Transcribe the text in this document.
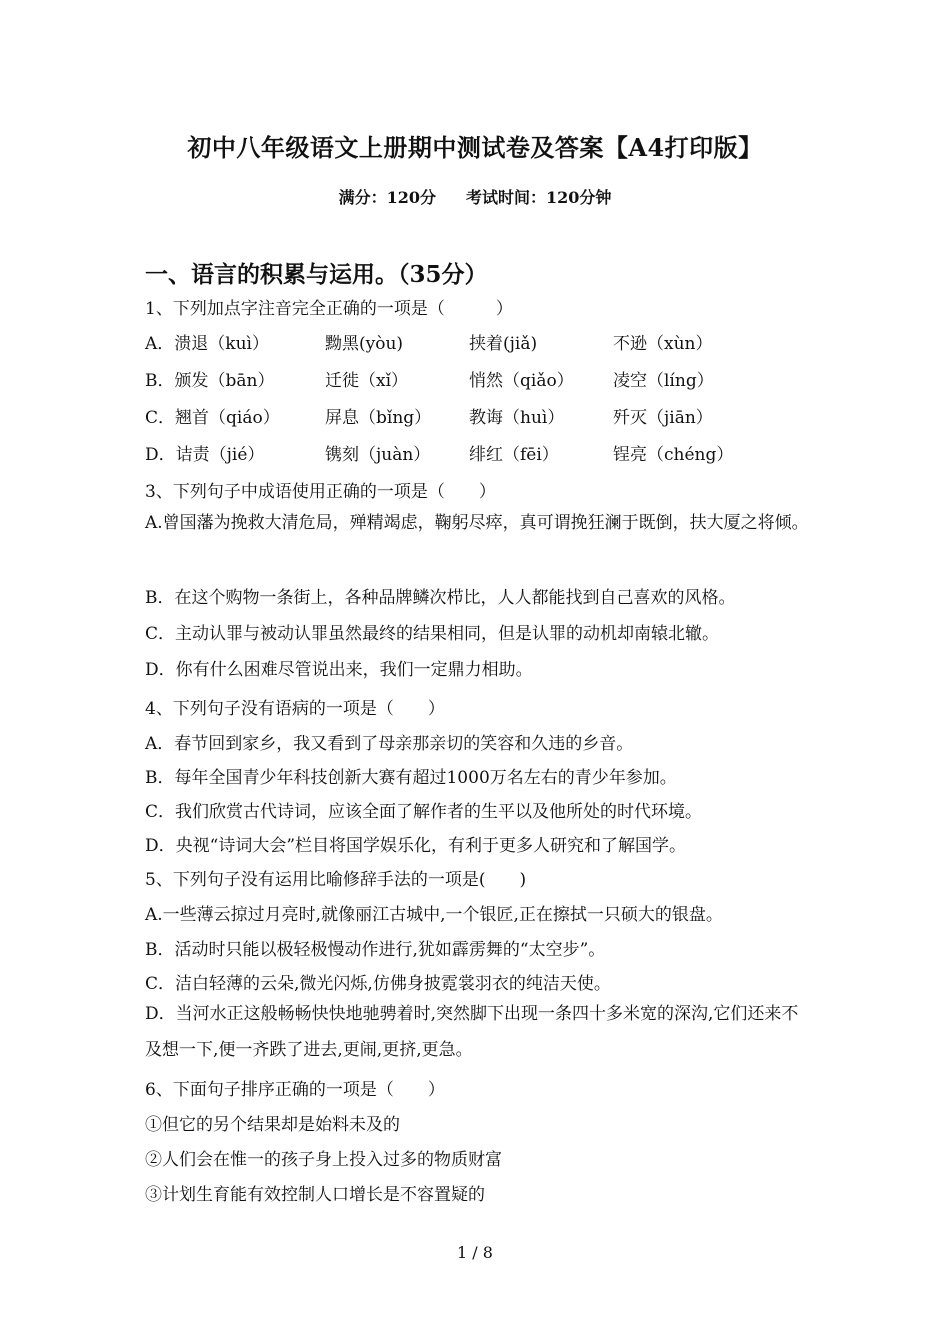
初中八年级语文上册期中测试卷及答案【A4打印版】
满分：120分 考试时间：120分钟
一、语言的积累与运用。（35分）
1、下列加点字注音完全正确的一项是（　　　）
A．溃退（kuì）	黝黑(yòu)	挟着(jiǎ)	不逊（xùn）
B．颁发（bān）	迁徙（xǐ）	悄然（qiǎo） 凌空（líng）
C．翘首（qiáo）	屏息（bǐng） 教诲（huì）	歼灭（jiān）
D．诘责（jié）	镌刻（juàn） 绯红（fēi）	锃亮（chéng）
3、下列句子中成语使用正确的一项是（　　）
A.曾国藩为挽救大清危局，殚精竭虑，鞠躬尽瘁，真可谓挽狂澜于既倒，扶大厦之将倾。
B．在这个购物一条街上，各种品牌鳞次栉比，人人都能找到自己喜欢的风格。
C．主动认罪与被动认罪虽然最终的结果相同，但是认罪的动机却南辕北辙。
D．你有什么困难尽管说出来，我们一定鼎力相助。
4、下列句子没有语病的一项是（　　）
A．春节回到家乡，我又看到了母亲那亲切的笑容和久违的乡音。
B．每年全国青少年科技创新大赛有超过1000万名左右的青少年参加。
C．我们欣赏古代诗词，应该全面了解作者的生平以及他所处的时代环境。
D．央视“诗词大会”栏目将国学娱乐化，有利于更多人研究和了解国学。
5、下列句子没有运用比喻修辞手法的一项是(　　)
A.一些薄云掠过月亮时,就像丽江古城中,一个银匠,正在擦拭一只硕大的银盘。
B．活动时只能以极轻极慢动作进行,犹如霹雳舞的“太空步”。
C．洁白轻薄的云朵,微光闪烁,仿佛身披霓裳羽衣的纯洁天使。
D．当河水正这般畅畅快快地驰骋着时,突然脚下出现一条四十多米宽的深沟,它们还来不及想一下,便一齐跌了进去,更闹,更挤,更急。
6、下面句子排序正确的一项是（　　）
①但它的另个结果却是始料未及的
②人们会在惟一的孩子身上投入过多的物质财富
③计划生育能有效控制人口增长是不容置疑的
1 / 8
